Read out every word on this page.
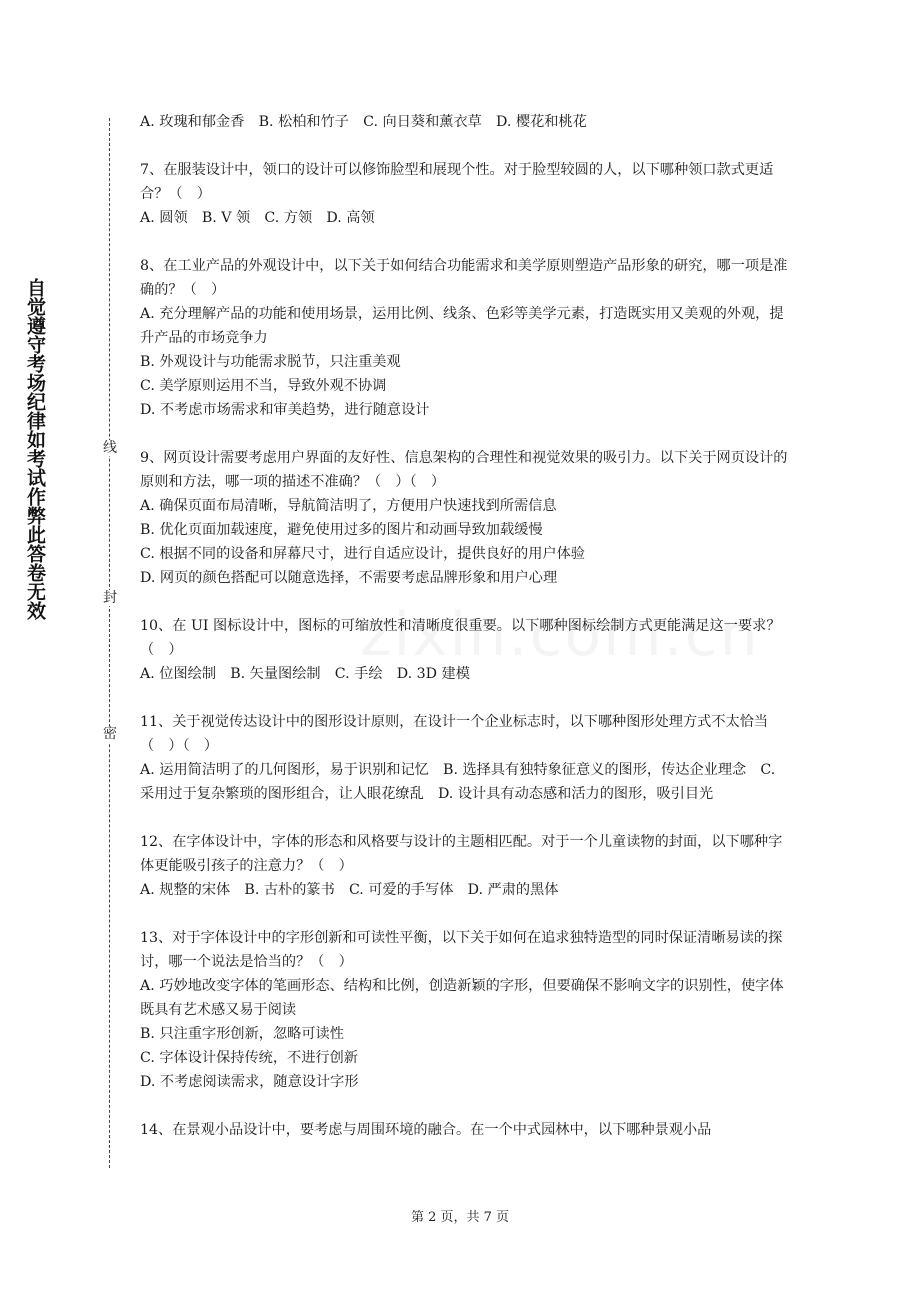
自觉遵守考场纪律如考试作弊此答卷无效	线
封
密

A. 玫瑰和郁金香　B. 松柏和竹子　C. 向日葵和薰衣草　D. 樱花和桃花

7、在服装设计中，领口的设计可以修饰脸型和展现个性。对于脸型较圆的人，以下哪种领口款式更适合？（　）

A. 圆领　B. V 领　C. 方领　D. 高领

8、在工业产品的外观设计中，以下关于如何结合功能需求和美学原则塑造产品形象的研究，哪一项是准确的？（　）

A. 充分理解产品的功能和使用场景，运用比例、线条、色彩等美学元素，打造既实用又美观的外观，提升产品的市场竞争力

B. 外观设计与功能需求脱节，只注重美观

C. 美学原则运用不当，导致外观不协调

D. 不考虑市场需求和审美趋势，进行随意设计

9、网页设计需要考虑用户界面的友好性、信息架构的合理性和视觉效果的吸引力。以下关于网页设计的原则和方法，哪一项的描述不准确？（　）（　）

A. 确保页面布局清晰，导航简洁明了，方便用户快速找到所需信息

B. 优化页面加载速度，避免使用过多的图片和动画导致加载缓慢

C. 根据不同的设备和屏幕尺寸，进行自适应设计，提供良好的用户体验

D. 网页的颜色搭配可以随意选择，不需要考虑品牌形象和用户心理

10、在 UI 图标设计中，图标的可缩放性和清晰度很重要。以下哪种图标绘制方式更能满足这一要求？（　）

A. 位图绘制　B. 矢量图绘制　C. 手绘　D. 3D 建模

11、关于视觉传达设计中的图形设计原则，在设计一个企业标志时，以下哪种图形处理方式不太恰当（　）（　）

A. 运用简洁明了的几何图形，易于识别和记忆　B. 选择具有独特象征意义的图形，传达企业理念　C. 采用过于复杂繁琐的图形组合，让人眼花缭乱　D. 设计具有动态感和活力的图形，吸引目光

12、在字体设计中，字体的形态和风格要与设计的主题相匹配。对于一个儿童读物的封面，以下哪种字体更能吸引孩子的注意力？（　）

A. 规整的宋体　B. 古朴的篆书　C. 可爱的手写体　D. 严肃的黑体

13、对于字体设计中的字形创新和可读性平衡，以下关于如何在追求独特造型的同时保证清晰易读的探讨，哪一个说法是恰当的？（　）

A. 巧妙地改变字体的笔画形态、结构和比例，创造新颖的字形，但要确保不影响文字的识别性，使字体既具有艺术感又易于阅读

B. 只注重字形创新，忽略可读性

C. 字体设计保持传统，不进行创新

D. 不考虑阅读需求，随意设计字形

14、在景观小品设计中，要考虑与周围环境的融合。在一个中式园林中，以下哪种景观小品

第 2 页，共 7 页
